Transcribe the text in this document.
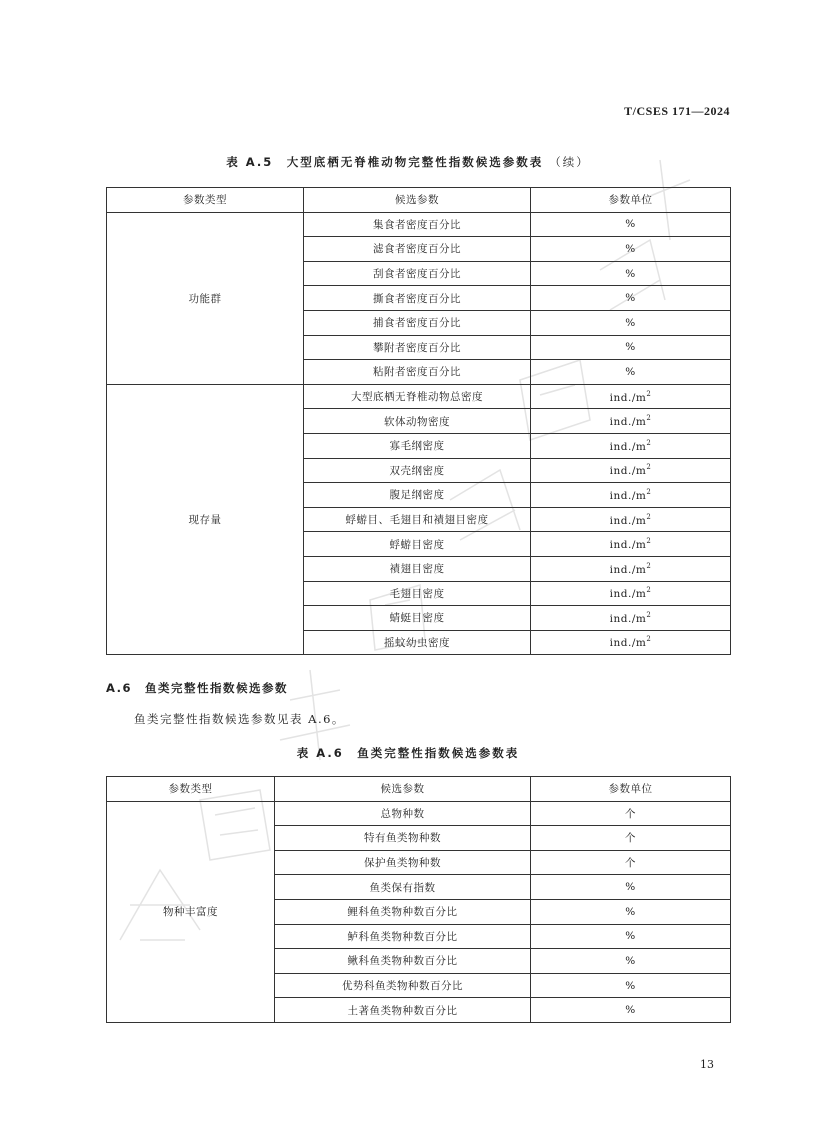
T/CSES 171—2024
表 A.5　大型底栖无脊椎动物完整性指数候选参数表 （续）
参数类型	候选参数	参数单位
功能群	集食者密度百分比	%
	滤食者密度百分比	%
	刮食者密度百分比	%
	撕食者密度百分比	%
	捕食者密度百分比	%
	攀附者密度百分比	%
	粘附者密度百分比	%
现存量	大型底栖无脊椎动物总密度	$ind./m^2$
	软体动物密度	$ind./m^2$
	寡毛纲密度	$ind./m^2$
	双壳纲密度	$ind./m^2$
	腹足纲密度	$ind./m^2$
	蜉蝣目、毛翅目和襀翅目密度	$ind./m^2$
	蜉蝣目密度	$ind./m^2$
	襀翅目密度	$ind./m^2$
	毛翅目密度	$ind./m^2$
	蜻蜓目密度	$ind./m^2$
	摇蚊幼虫密度	$ind./m^2$
A.6　鱼类完整性指数候选参数
鱼类完整性指数候选参数见表 A.6。
表 A.6　鱼类完整性指数候选参数表
参数类型	候选参数	参数单位
物种丰富度	总物种数	个
	特有鱼类物种数	个
	保护鱼类物种数	个
	鱼类保有指数	%
	鲤科鱼类物种数百分比	%
	鲈科鱼类物种数百分比	%
	鳅科鱼类物种数百分比	%
	优势科鱼类物种数百分比	%
	土著鱼类物种数百分比	%
13
